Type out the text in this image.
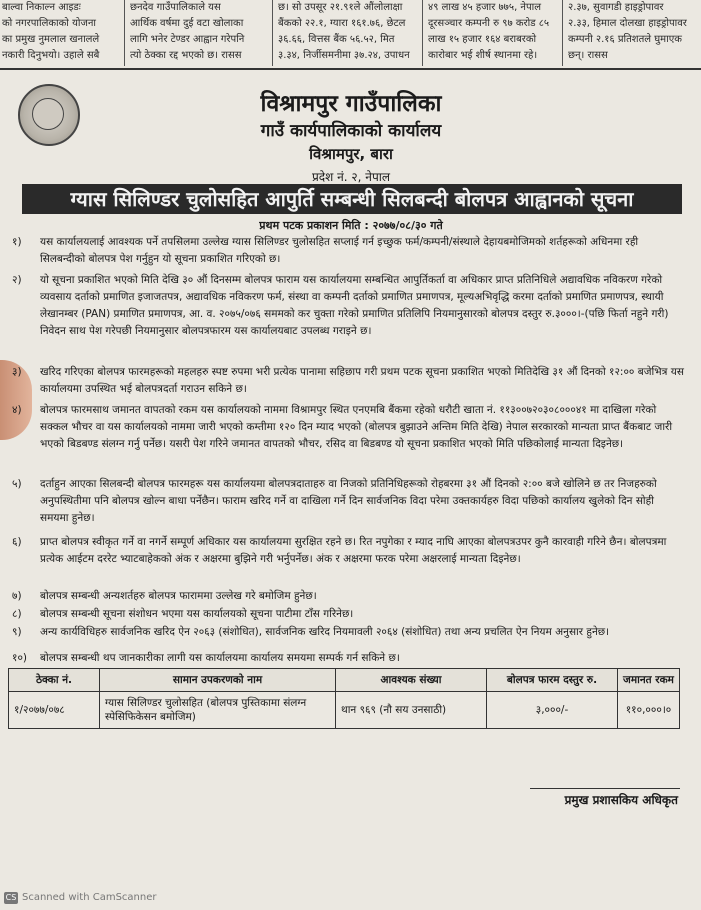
बाल्वा निकाल्न आइडः
को नगरपालिकाको योजना
का प्रमुख नुमलाल खनालले
नकारी दिनुभयो। उहाले सबै
छनदेव गाउँपालिकाले यस
आर्थिक वर्षमा दुई वटा खोलाका
लागि भनेर टेण्डर आह्वान गरेपनि
त्यो ठेक्का रद्द भएको छ। रासस
छ। सो उपसूर २१.९१ले औंलोलाक्षा
बैंकको २२.१, ग्यारा १६१.७६, छेटल
३६.६६, वित्तस बैंक ५६.५२, मित
३.३४, निर्जीसमनीमा ३७.२४, उपाधन
४९ लाख ४५ हजार ७७५, नेपाल
दूरसञ्चार कम्पनी रु ९७ करोड ८५
लाख १५ हजार १६४ बराबरको
कारोबार भई शीर्ष स्थानमा रहे।
२.३७, सुवागडी हाइड्रोपावर
२.३३, हिमाल दोलखा हाइड्रोपावर
कम्पनी २.१६ प्रतिशतले घुमाएक
छन्। रासस
विश्रामपुर गाउँपालिका
गाउँ कार्यपालिकाको कार्यालय
विश्रामपुर, बारा
प्रदेश नं. २, नेपाल
ग्यास सिलिण्डर चुलोसहित आपुर्ति सम्बन्धी सिलबन्दी बोलपत्र आह्वानको सूचना
प्रथम पटक प्रकाशन मिति : २०७७/०८/३० गते
१)	यस कार्यालयलाई आवश्यक पर्ने तपसिलमा उल्लेख ग्यास सिलिण्डर चुलोसहित सप्लाई गर्न इच्छुक फर्म/कम्पनी/संस्थाले देहायबमोजिमको शर्तहरूको अधिनमा रही सिलबन्दीको बोलपत्र पेश गर्नुहुन यो सूचना प्रकाशित गरिएको छ।
२)	यो सूचना प्रकाशित भएको मिति देखि ३० औं दिनसम्म बोलपत्र फाराम यस कार्यालयमा सम्बन्धित आपुर्तिकर्ता वा अधिकार प्राप्त प्रतिनिधिले अद्यावधिक नविकरण गरेको व्यवसाय दर्ताको प्रमाणित इजाजतपत्र, अद्यावधिक नविकरण फर्म, संस्था वा कम्पनी दर्ताको प्रमाणित प्रमाणपत्र, मूल्यअभिवृद्धि करमा दर्ताको प्रमाणित प्रमाणपत्र, स्थायी लेखानम्बर (PAN) प्रमाणित प्रमाणपत्र, आ. व. २०७५/०७६ सममको कर चुक्ता गरेको प्रमाणित प्रतिलिपि नियमानुसारको बोलपत्र दस्तुर रु.३०००।-(पछि फिर्ता नहुने गरी) निवेदन साथ पेश गरेपछी नियमानुसार बोलपत्रफारम यस कार्यालयबाट उपलब्ध गराइने छ।
३)	खरिद गरिएका बोलपत्र फारमहरूको महलहरु स्पष्ट रुपमा भरी प्रत्येक पानामा सहिछाप गरी प्रथम पटक सूचना प्रकाशित भएको मितिदेखि ३१ औं दिनको १२:०० बजेभित्र यस कार्यालयमा उपस्थित भई बोलपत्रदर्ता गराउन सकिने छ।
४)	बोलपत्र फारमसाथ जमानत वापतको रकम यस कार्यालयको नाममा विश्रामपुर स्थित एनएमबि बैंकमा रहेको धरौटी खाता नं. ११३००७२०३०८०००४१ मा दाखिला गरेको सक्कल भौचर वा यस कार्यालयको नाममा जारी भएको कम्तीमा १२० दिन म्याद भएको (बोलपत्र बुझाउने अन्तिम मिति देखि) नेपाल सरकारको मान्यता प्राप्त बैंकबाट जारी भएको बिडबण्ड संलग्न गर्नु पर्नेछ। यसरी पेश गरिने जमानत वापतको भौचर, रसिद वा बिडबण्ड यो सूचना प्रकाशित भएको मिति पछिकोलाई मान्यता दिइनेछ।
५)	दर्ताहुन आएका सिलबन्दी बोलपत्र फारमहरू यस कार्यालयमा बोलपत्रदाताहरु वा निजको प्रतिनिधिहरूको रोहबरमा ३१ औं दिनको २:०० बजे खोलिने छ तर निजहरुको अनुपस्थितीमा पनि बोलपत्र खोल्न बाधा पर्नेछैन। फाराम खरिद गर्ने वा दाखिला गर्ने दिन सार्वजनिक विदा परेमा उक्तकार्यहरु विदा पछिको कार्यालय खुलेको दिन सोही समयमा हुनेछ।
६)	प्राप्त बोलपत्र स्वीकृत गर्ने वा नगर्ने सम्पूर्ण अधिकार यस कार्यालयमा सुरक्षित रहने छ। रित नपुगेका र म्याद नाघि आएका बोलपत्रउपर कुनै कारवाही गरिने छैन। बोलपत्रमा प्रत्येक आईटम दररेट भ्याटबाहेकको अंक र अक्षरमा बुझिने गरी भर्नुपर्नेछ। अंक र अक्षरमा फरक परेमा अक्षरलाई मान्यता दिइनेछ।
७)	बोलपत्र सम्बन्धी अन्यशर्तहरु बोलपत्र फाराममा उल्लेख गरे बमोजिम हुनेछ।
८)	बोलपत्र सम्बन्धी सूचना संशोधन भएमा यस कार्यालयको सूचना पाटीमा टाँस गरिनेछ।
९)	अन्य कार्यविधिहरु सार्वजनिक खरिद ऐन २०६३ (संशोधित), सार्वजनिक खरिद नियमावली २०६४ (संशोधित) तथा अन्य प्रचलित ऐन नियम अनुसार हुनेछ।
१०)	बोलपत्र सम्बन्धी थप जानकारीका लागी यस कार्यालयमा कार्यालय समयमा सम्पर्क गर्न सकिने छ।
ठेक्का नं.	सामान उपकरणको नाम	आवश्यक संख्या	बोलपत्र फारम दस्तुर रु.	जमानत रकम
१/२०७७/०७८	ग्यास सिलिण्डर चुलोसहित (बोलपत्र पुस्तिकामा संलग्न स्पेसिफिकेसन बमोजिम)	थान ९६९ (नौ सय उनसाठी)	३,०००/-	११०,०००।०
प्रमुख प्रशासकिय अधिकृत
CS Scanned with CamScanner
